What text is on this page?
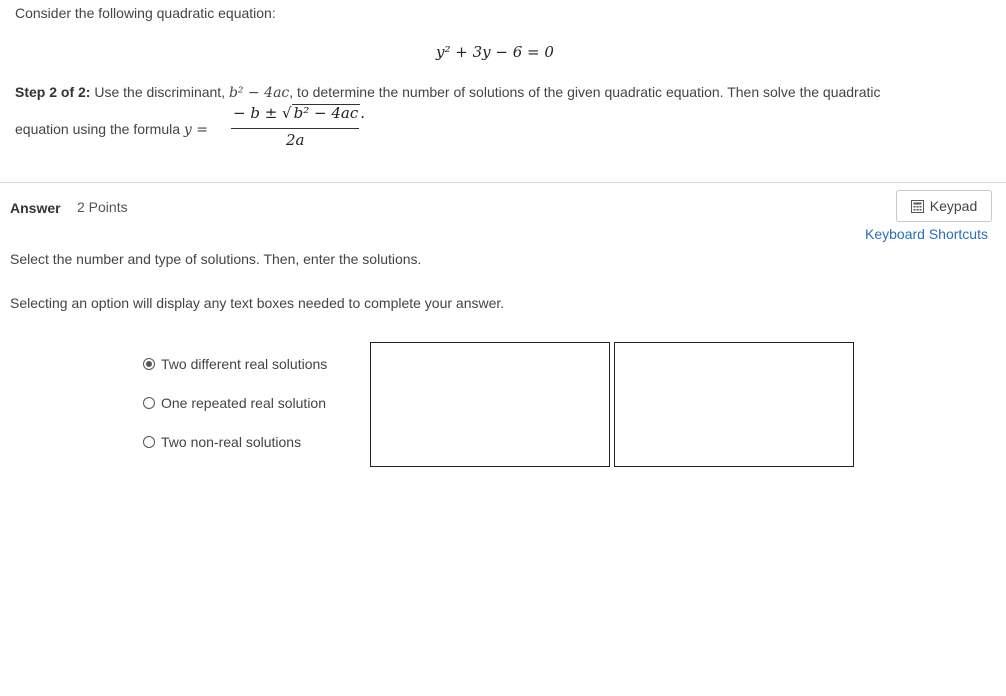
Consider the following quadratic equation:
y² + 3y − 6 = 0
Step 2 of 2: Use the discriminant, b² − 4ac, to determine the number of solutions of the given quadratic equation. Then solve the quadratic
equation using the formula y =
− b ± √ b² − 4ac .
2a
Answer 2 Points	Keypad
Keyboard Shortcuts
Select the number and type of solutions. Then, enter the solutions.
Selecting an option will display any text boxes needed to complete your answer.
Two different real solutions
One repeated real solution
Two non-real solutions
